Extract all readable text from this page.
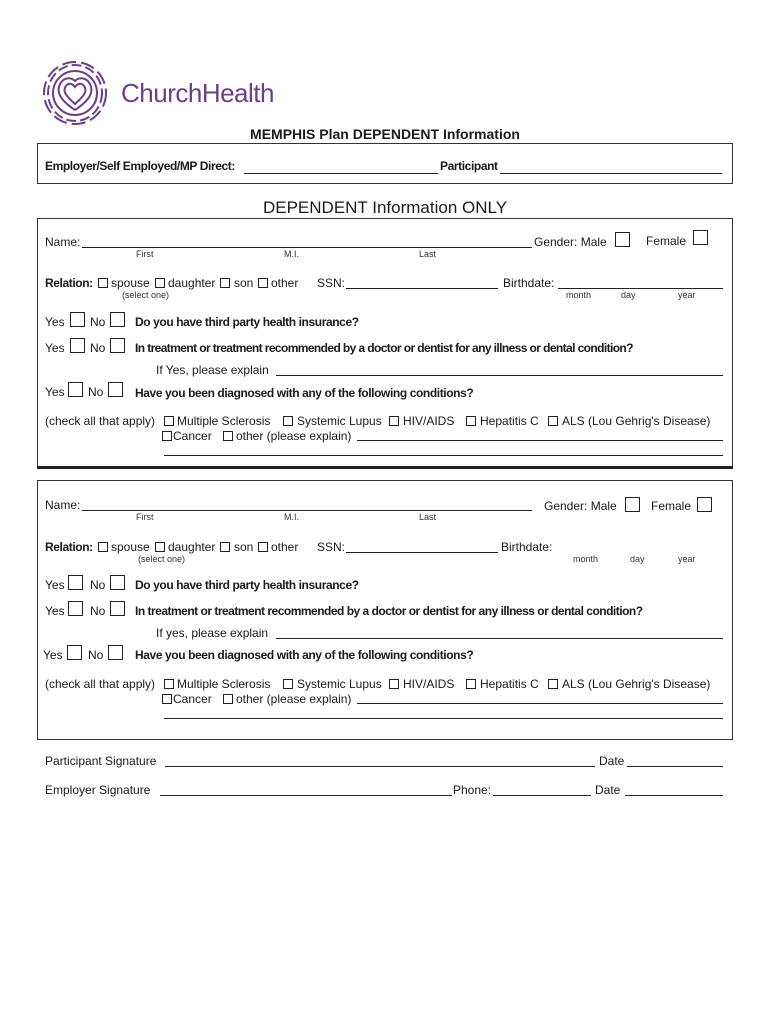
ChurchHealth
MEMPHIS Plan DEPENDENT Information
Employer/Self Employed/MP Direct:	Participant
DEPENDENT Information ONLY
Name:	Gender: Male	Female
First	M.I.	Last
Relation: spouse daughter son other
(select one)
SSN:	Birthdate:
month	day	year
Yes No Do you have third party health insurance?
Yes No In treatment or treatment recommended by a doctor or dentist for any illness or dental condition?
If Yes, please explain
Yes No	Have you been diagnosed with any of the following conditions?
(check all that apply) Multiple Sclerosis Systemic Lupus HIV/AIDS Hepatitis C ALS (Lou Gehrig's Disease)
Cancer other (please explain)
Name:	Gender: Male	Female
First	M.I.	Last
Relation: spouse daughter son other
(select one)
SSN:	Birthdate:
month	day	year
Yes No Do you have third party health insurance?
Yes No In treatment or treatment recommended by a doctor or dentist for any illness or dental condition?
If yes, please explain
Yes No	Have you been diagnosed with any of the following conditions?
(check all that apply) Multiple Sclerosis Systemic Lupus HIV/AIDS Hepatitis C ALS (Lou Gehrig's Disease)
Cancer other (please explain)
Participant Signature	Date
Employer Signature	Phone:	Date
